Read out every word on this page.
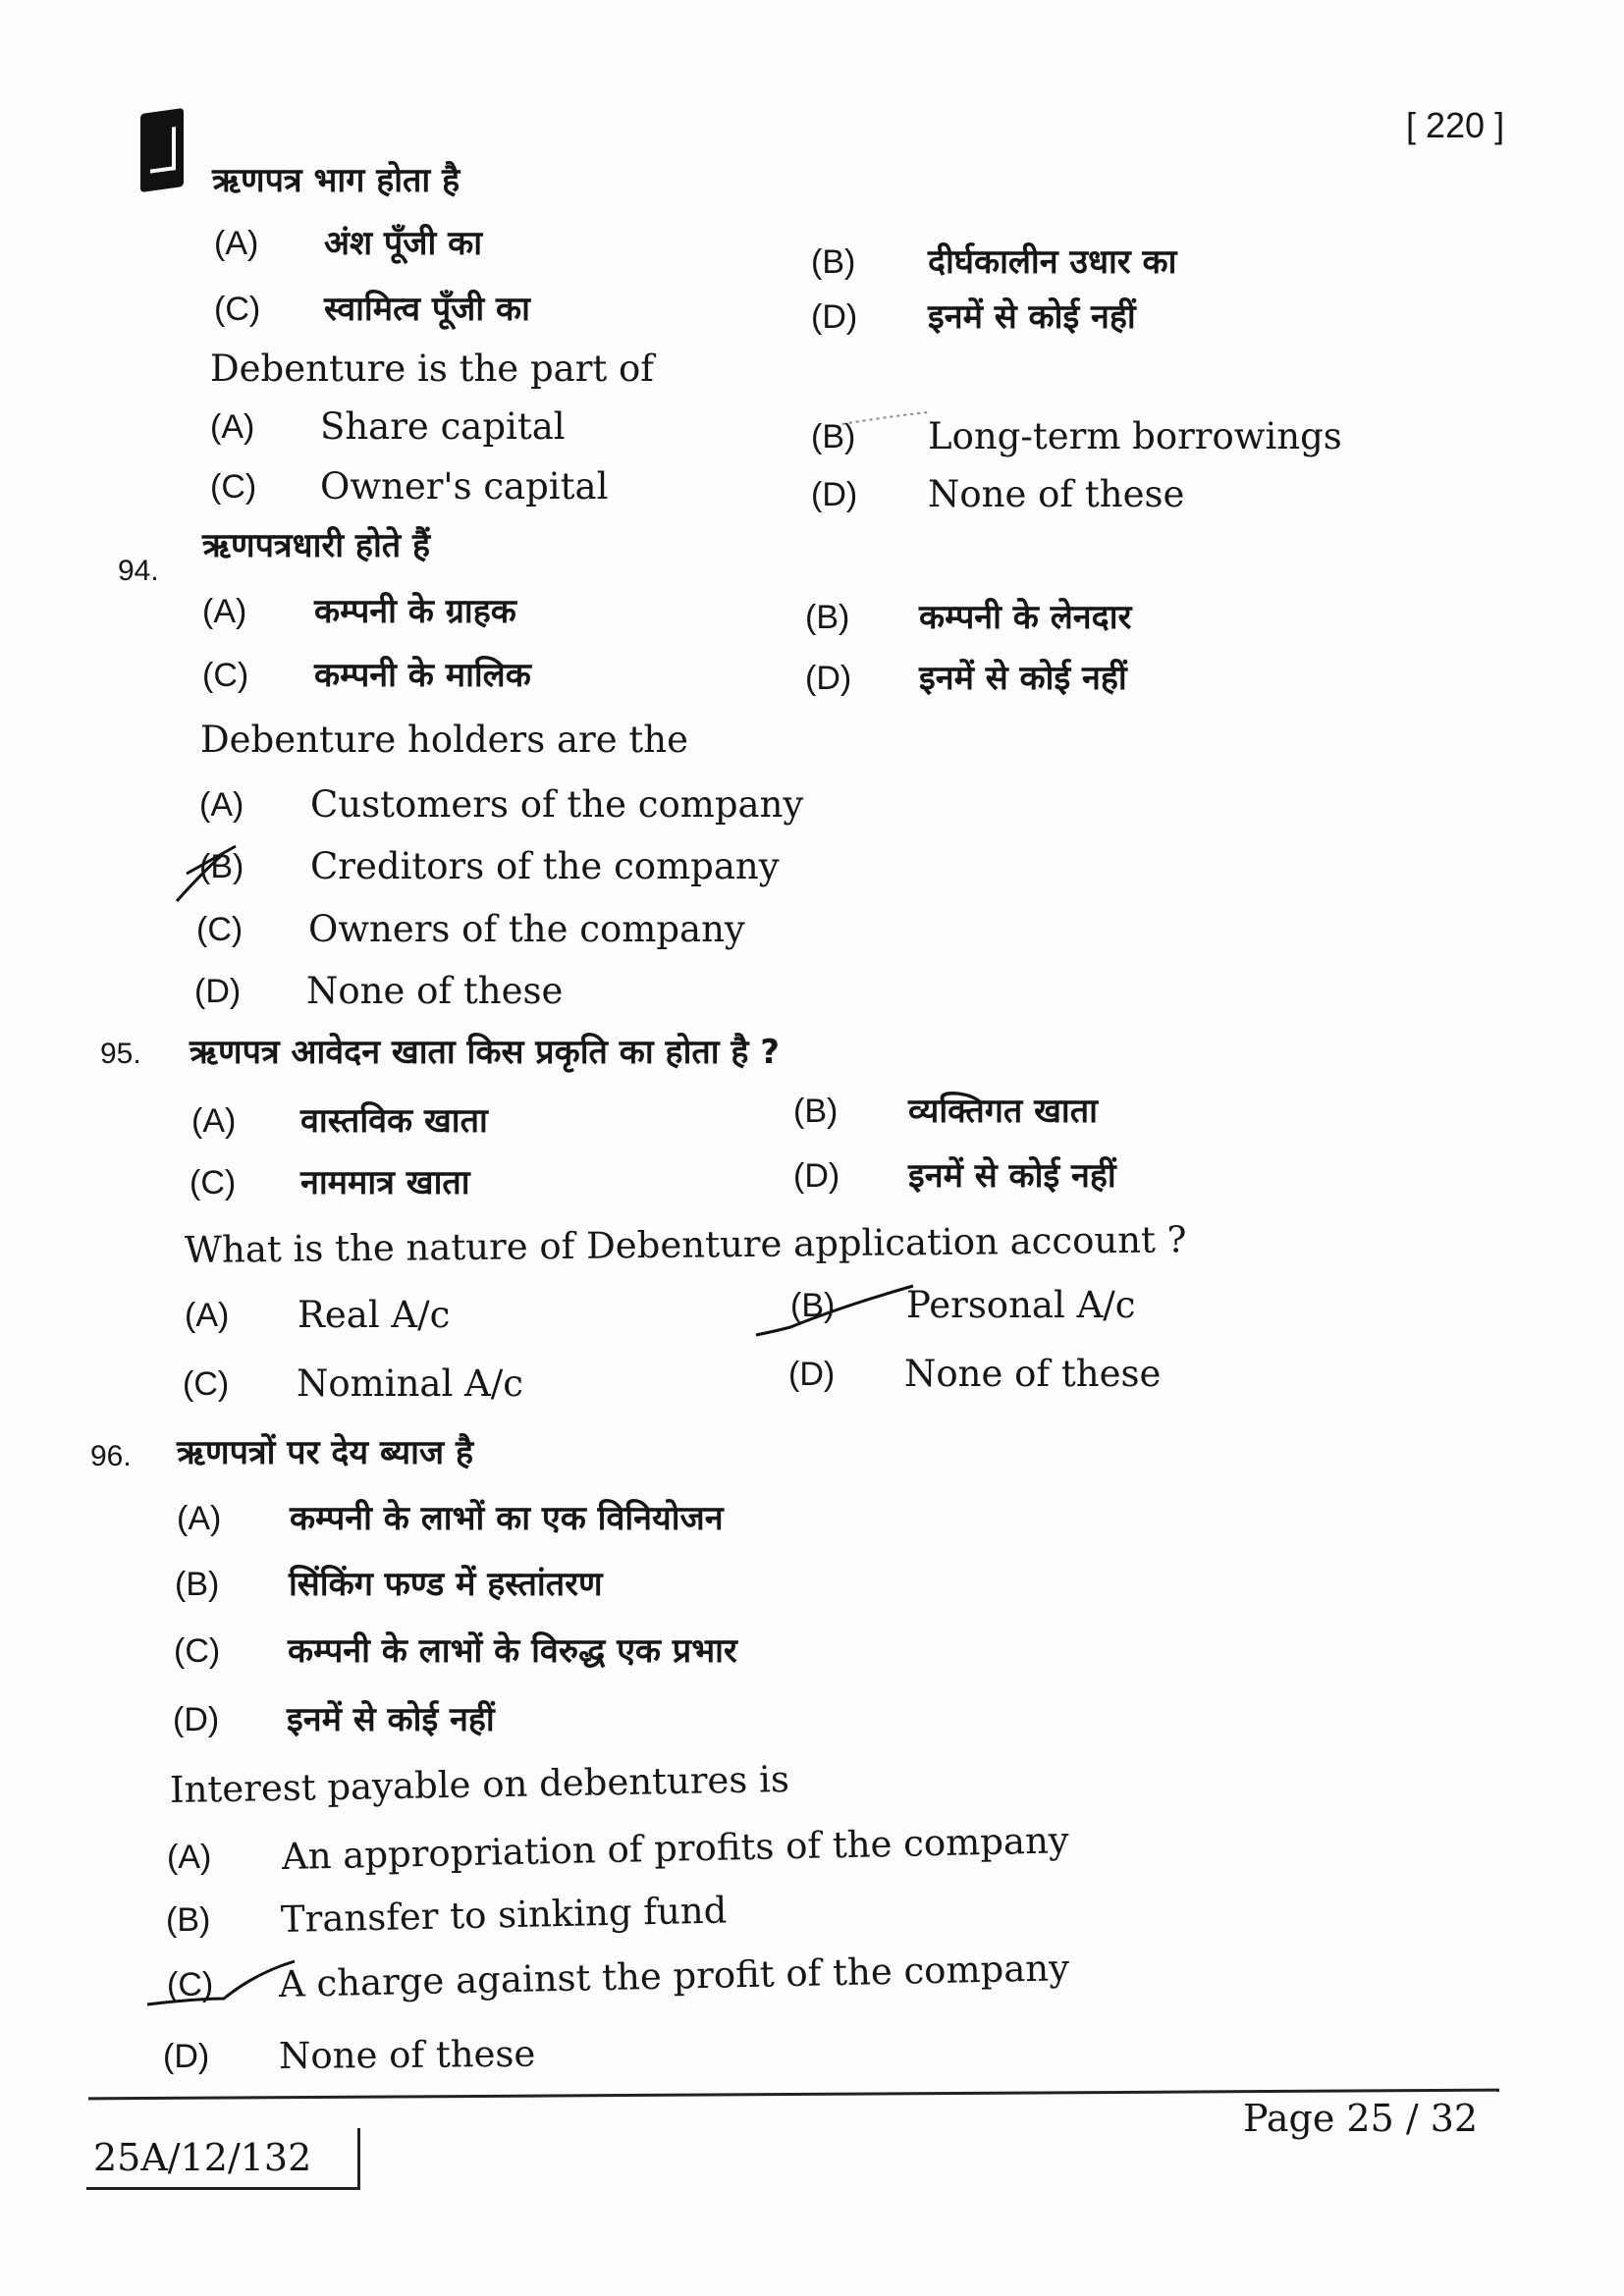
[ 220 ]
Page 25 / 32
25A/12/132
ऋणपत्र भाग होता है
(A) अंश पूँजी का	(B) दीर्घकालीन उधार का
(C) स्वामित्व पूँजी का	(D) इनमें से कोई नहीं
Debenture is the part of
(A) Share capital	(B) Long-term borrowings
(C) Owner's capital	(D) None of these
94.
ऋणपत्रधारी होते हैं
(A) कम्पनी के ग्राहक	(B) कम्पनी के लेनदार
(C) कम्पनी के मालिक	(D) इनमें से कोई नहीं
Debenture holders are the
(A) Customers of the company
(B) Creditors of the company
(C) Owners of the company
(D) None of these
95. ऋणपत्र आवेदन खाता किस प्रकृति का होता है ?
(A) वास्तविक खाता	(B) व्यक्तिगत खाता
(C) नाममात्र खाता	(D) इनमें से कोई नहीं
What is the nature of Debenture application account ?
(A) Real A/c	(B) Personal A/c
(C) Nominal A/c	(D) None of these
96. ऋणपत्रों पर देय ब्याज है
(A) कम्पनी के लाभों का एक विनियोजन
(B) सिंकिंग फण्ड में हस्तांतरण
(C) कम्पनी के लाभों के विरुद्ध एक प्रभार
(D) इनमें से कोई नहीं
Interest payable on debentures is
(A) An appropriation of profits of the company
(B) Transfer to sinking fund
(C) A charge against the profit of the company
(D) None of these
